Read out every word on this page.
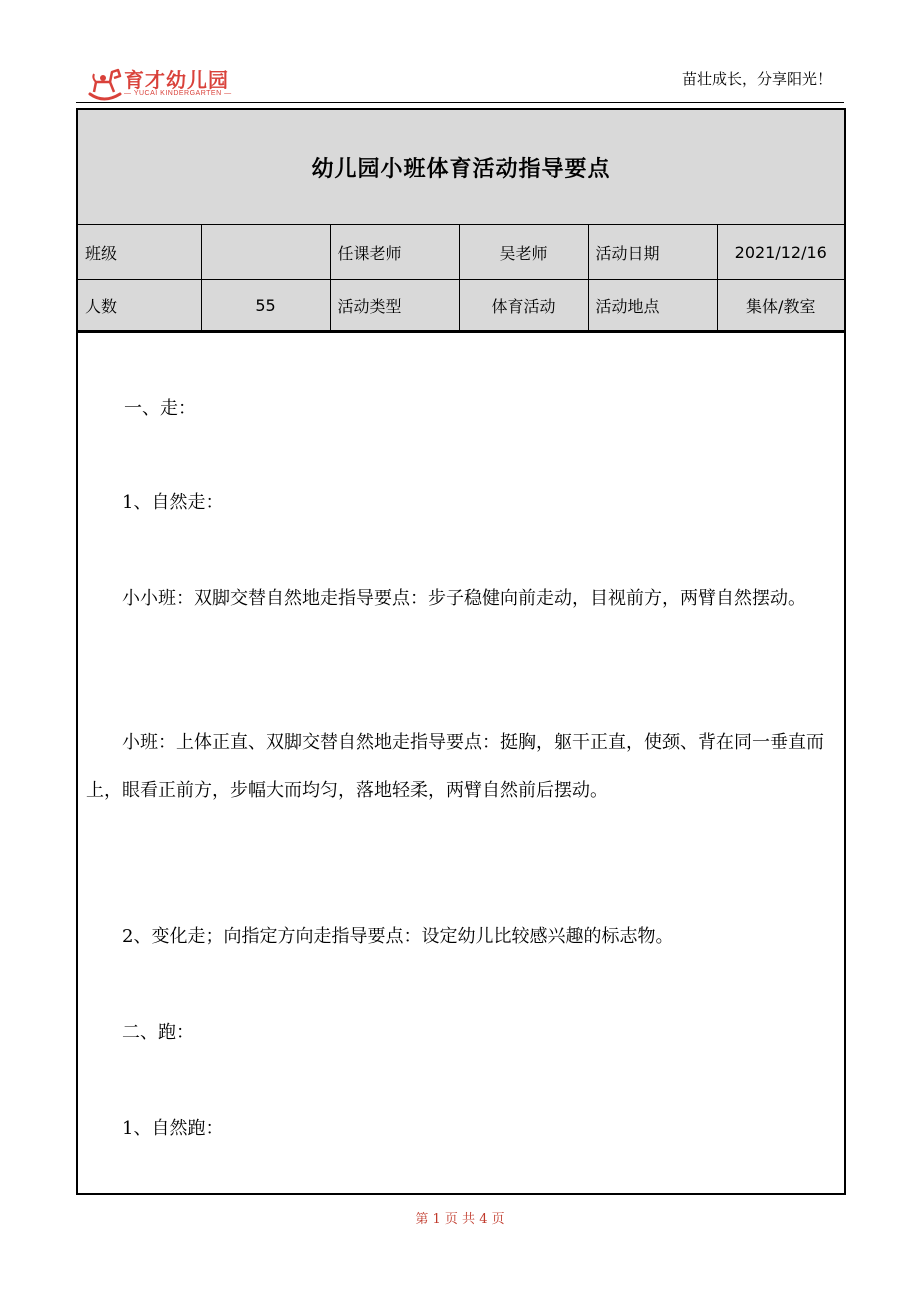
育才幼儿园
— YUCAI KINDERGARTEN —
苗壮成长，分享阳光！
幼儿园小班体育活动指导要点
班级		任课老师	吴老师	活动日期	2021/12/16
人数	55	活动类型	体育活动	活动地点	集体/教室
一、走：
1、自然走：
小小班：双脚交替自然地走指导要点：步子稳健向前走动，目视前方，两臂自然摆动。
小班：上体正直、双脚交替自然地走指导要点：挺胸，躯干正直，使颈、背在同一垂直而上，眼看正前方，步幅大而均匀，落地轻柔，两臂自然前后摆动。
2、变化走；向指定方向走指导要点：设定幼儿比较感兴趣的标志物。
二、跑：
1、自然跑：
第 1 页 共 4 页
